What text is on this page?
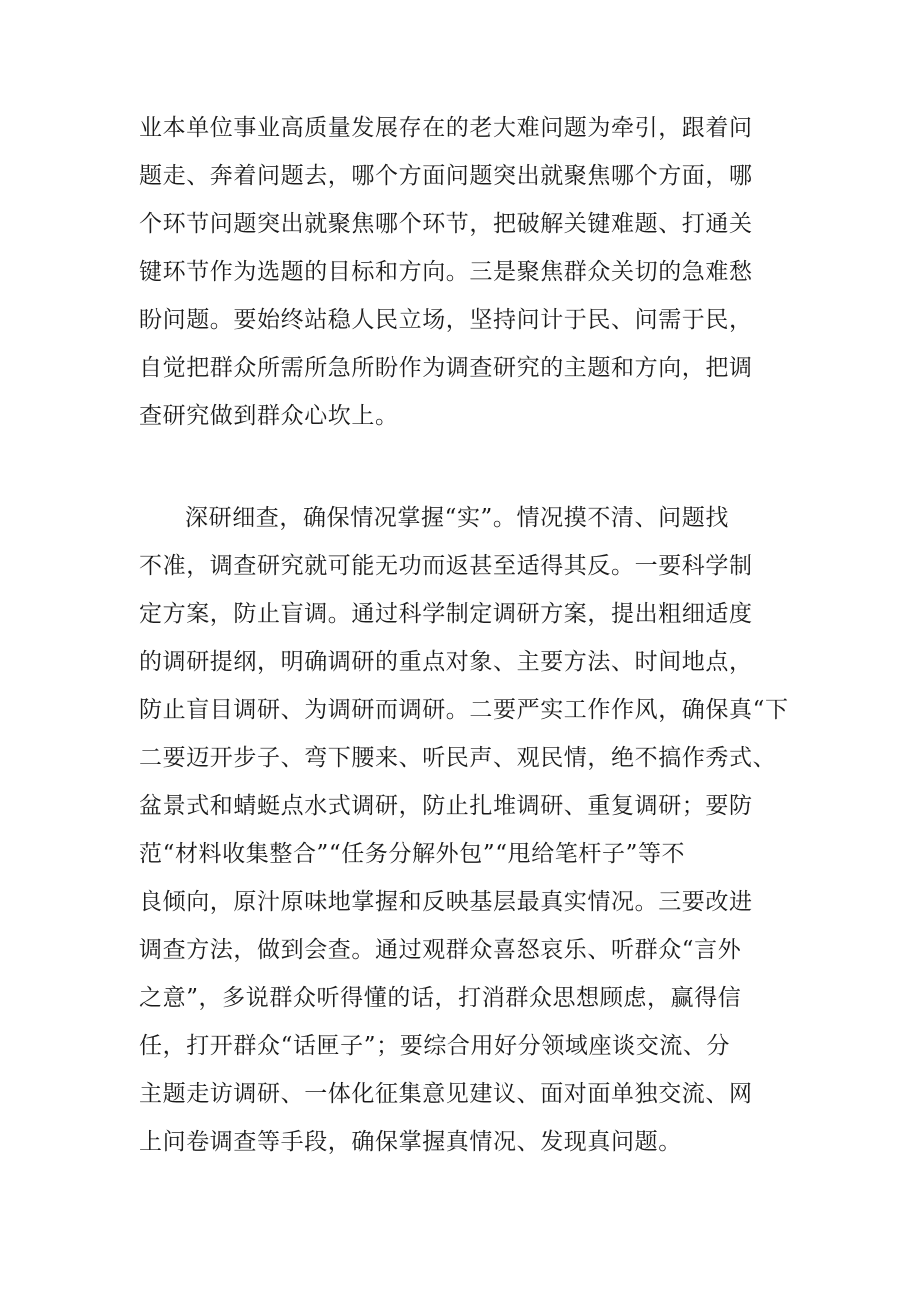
业本单位事业高质量发展存在的老大难问题为牵引，跟着问
题走、奔着问题去，哪个方面问题突出就聚焦哪个方面，哪
个环节问题突出就聚焦哪个环节，把破解关键难题、打通关
键环节作为选题的目标和方向。三是聚焦群众关切的急难愁
盼问题。要始终站稳人民立场，坚持问计于民、问需于民，
自觉把群众所需所急所盼作为调查研究的主题和方向，把调
查研究做到群众心坎上。
深研细查，确保情况掌握“实”。情况摸不清、问题找
不准，调查研究就可能无功而返甚至适得其反。一要科学制
定方案，防止盲调。通过科学制定调研方案，提出粗细适度
的调研提纲，明确调研的重点对象、主要方法、时间地点，
防止盲目调研、为调研而调研。二要严实工作作风，确保真“下
二要迈开步子、弯下腰来、听民声、观民情，绝不搞作秀式、
盆景式和蜻蜓点水式调研，防止扎堆调研、重复调研；要防
范“材料收集整合”“任务分解外包”“甩给笔杆子”等不
良倾向，原汁原味地掌握和反映基层最真实情况。三要改进
调查方法，做到会查。通过观群众喜怒哀乐、听群众“言外
之意”，多说群众听得懂的话，打消群众思想顾虑，赢得信
任，打开群众“话匣子”；要综合用好分领域座谈交流、分
主题走访调研、一体化征集意见建议、面对面单独交流、网
上问卷调查等手段，确保掌握真情况、发现真问题。
